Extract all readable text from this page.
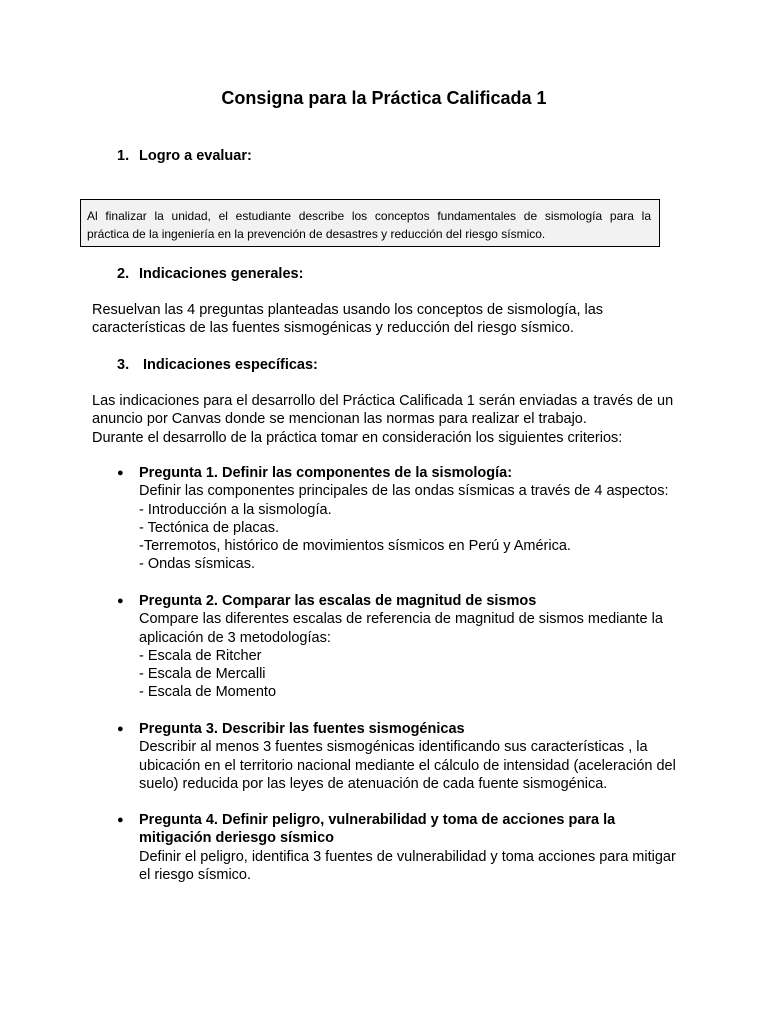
Consigna para la Práctica Calificada 1
1. Logro a evaluar:
Al finalizar la unidad, el estudiante describe los conceptos fundamentales de sismología para la
práctica de la ingeniería en la prevención de desastres y reducción del riesgo sísmico.
2. Indicaciones generales:
Resuelvan las 4 preguntas planteadas usando los conceptos de sismología, las
características de las fuentes sismogénicas y reducción del riesgo sísmico.
3. Indicaciones específicas:
Las indicaciones para el desarrollo del Práctica Calificada 1 serán enviadas a través de un
anuncio por Canvas donde se mencionan las normas para realizar el trabajo.
Durante el desarrollo de la práctica tomar en consideración los siguientes criterios:
● Pregunta 1. Definir las componentes de la sismología:
Definir las componentes principales de las ondas sísmicas a través de 4 aspectos:
- Introducción a la sismología.
- Tectónica de placas.
-Terremotos, histórico de movimientos sísmicos en Perú y América.
- Ondas sísmicas.
● Pregunta 2. Comparar las escalas de magnitud de sismos
Compare las diferentes escalas de referencia de magnitud de sismos mediante la
aplicación de 3 metodologías:
- Escala de Ritcher
- Escala de Mercalli
- Escala de Momento
● Pregunta 3. Describir las fuentes sismogénicas
Describir al menos 3 fuentes sismogénicas identificando sus características , la
ubicación en el territorio nacional mediante el cálculo de intensidad (aceleración del
suelo) reducida por las leyes de atenuación de cada fuente sismogénica.
● Pregunta 4. Definir peligro, vulnerabilidad y toma de acciones para la
mitigación deriesgo sísmico
Definir el peligro, identifica 3 fuentes de vulnerabilidad y toma acciones para mitigar
el riesgo sísmico.
